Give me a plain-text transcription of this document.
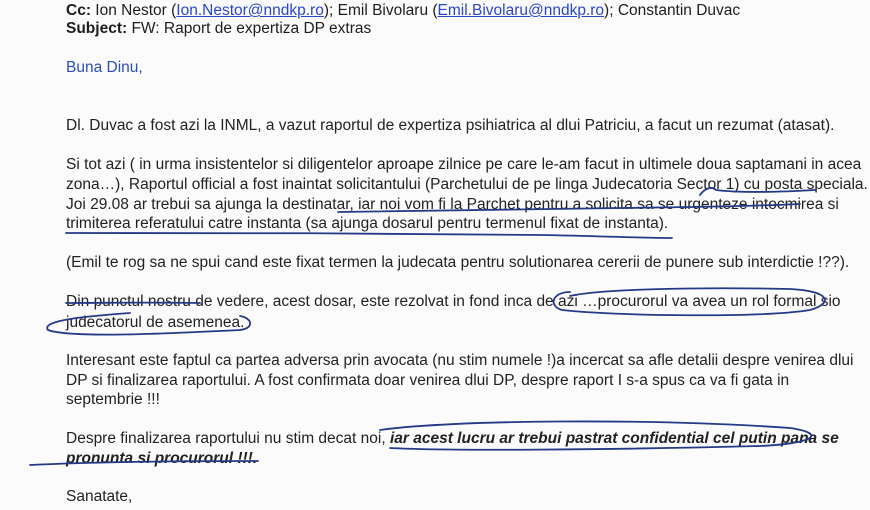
Cc: Ion Nestor (Ion.Nestor@nndkp.ro); Emil Bivolaru (Emil.Bivolaru@nndkp.ro); Constantin Duvac
Subject: FW: Raport de expertiza DP extras
Buna Dinu,
Dl. Duvac a fost azi la INML, a vazut raportul de expertiza psihiatrica al dlui Patriciu, a facut un rezumat (atasat).
Si tot azi ( in urma insistentelor si diligentelor aproape zilnice pe care le-am facut in ultimele doua saptamani in acea
zona…), Raportul official a fost inaintat solicitantului (Parchetului de pe linga Judecatoria Sector 1) cu posta speciala.
Joi 29.08 ar trebui sa ajunga la destinatar, iar noi vom fi la Parchet pentru a solicita sa se urgenteze intocmirea si
trimiterea referatului catre instanta (sa ajunga dosarul pentru termenul fixat de instanta).
(Emil te rog sa ne spui cand este fixat termen la judecata pentru solutionarea cererii de punere sub interdictie !??).
Din punctul nostru de vedere, acest dosar, este rezolvat in fond inca de azi …procurorul va avea un rol formal sio
judecatorul de asemenea.
Interesant este faptul ca partea adversa prin avocata (nu stim numele !)a incercat sa afle detalii despre venirea dlui
DP si finalizarea raportului. A fost confirmata doar venirea dlui DP, despre raport I s-a spus ca va fi gata in
septembrie !!!
Despre finalizarea raportului nu stim decat noi, iar acest lucru ar trebui pastrat confidential cel putin pana se
pronunta si procurorul !!!.
Sanatate,
